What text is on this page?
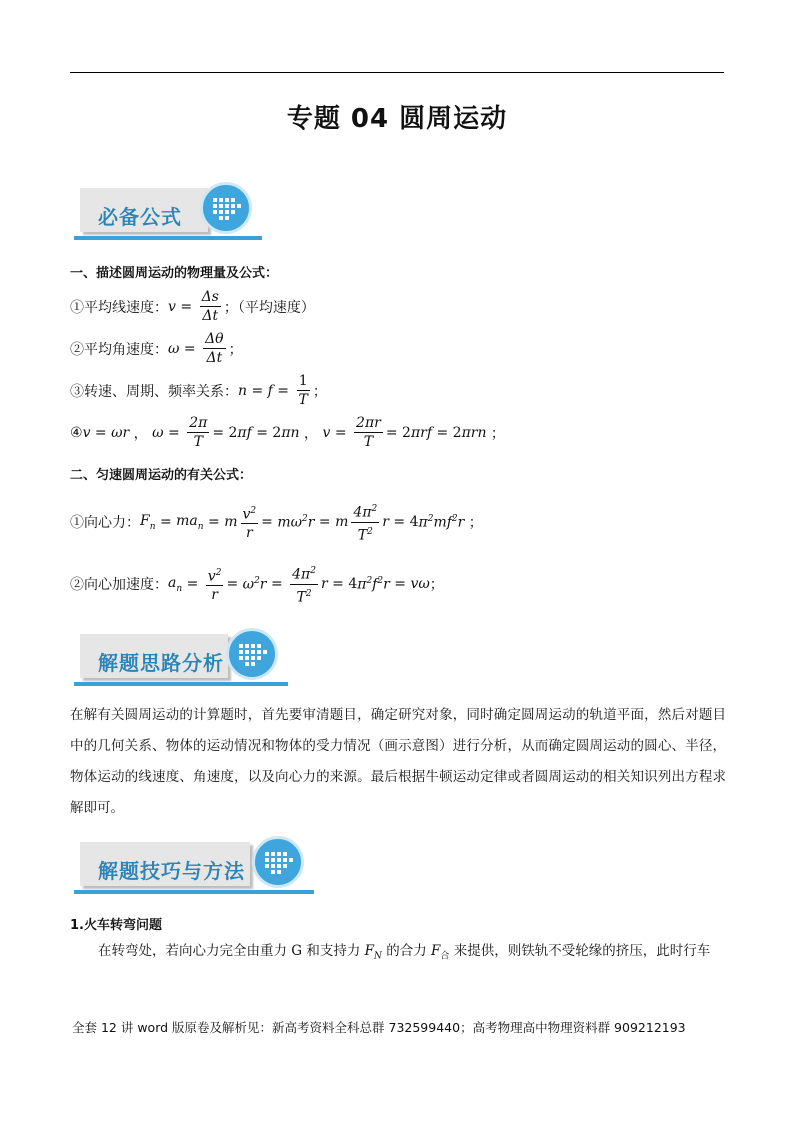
专题 04 圆周运动
必备公式
一、描述圆周运动的物理量及公式：
①平均线速度： $v = \frac{\Delta s}{\Delta t}$ ；（平均速度）
②平均角速度： $\omega = \frac{\Delta\theta}{\Delta t}$ ；
③转速、周期、频率关系： $n = f = \frac{1}{T}$ ；
④ v = ωr ， $\omega = \frac{2\pi}{T} = 2$ πf = 2 πn ， $v = \frac{2\pi r}{T} = 2$ πrf = 2 πrn ；
二、匀速圆周运动的有关公式：
①向心力： $F_n = ma_n = m \frac{v^2}{r} = m\omega^2r = m \frac{4\pi^2}{T^2}$ r = 4 $\pi^2mf^2r$ ；
②向心加速度： $a_n = \frac{v^2}{r} = \omega^2r = \frac{4\pi^2}{T^2}$ r = 4 $\pi^2f^2r = v\omega$ ；
解题思路分析
在解有关圆周运动的计算题时，首先要审清题目，确定研究对象，同时确定圆周运动的轨道平面，然后对题目中的几何关系、物体的运动情况和物体的受力情况（画示意图）进行分析，从而确定圆周运动的圆心、半径，物体运动的线速度、角速度，以及向心力的来源。最后根据牛顿运动定律或者圆周运动的相关知识列出方程求解即可。
解题技巧与方法
1.火车转弯问题
在转弯处，若向心力完全由重力 G 和支持力 $F_N$ 的合力 $F_合$ 来提供，则铁轨不受轮缘的挤压，此时行车
全套 12 讲 word 版原卷及解析见：新高考资料全科总群 732599440；高考物理高中物理资料群 909212193
